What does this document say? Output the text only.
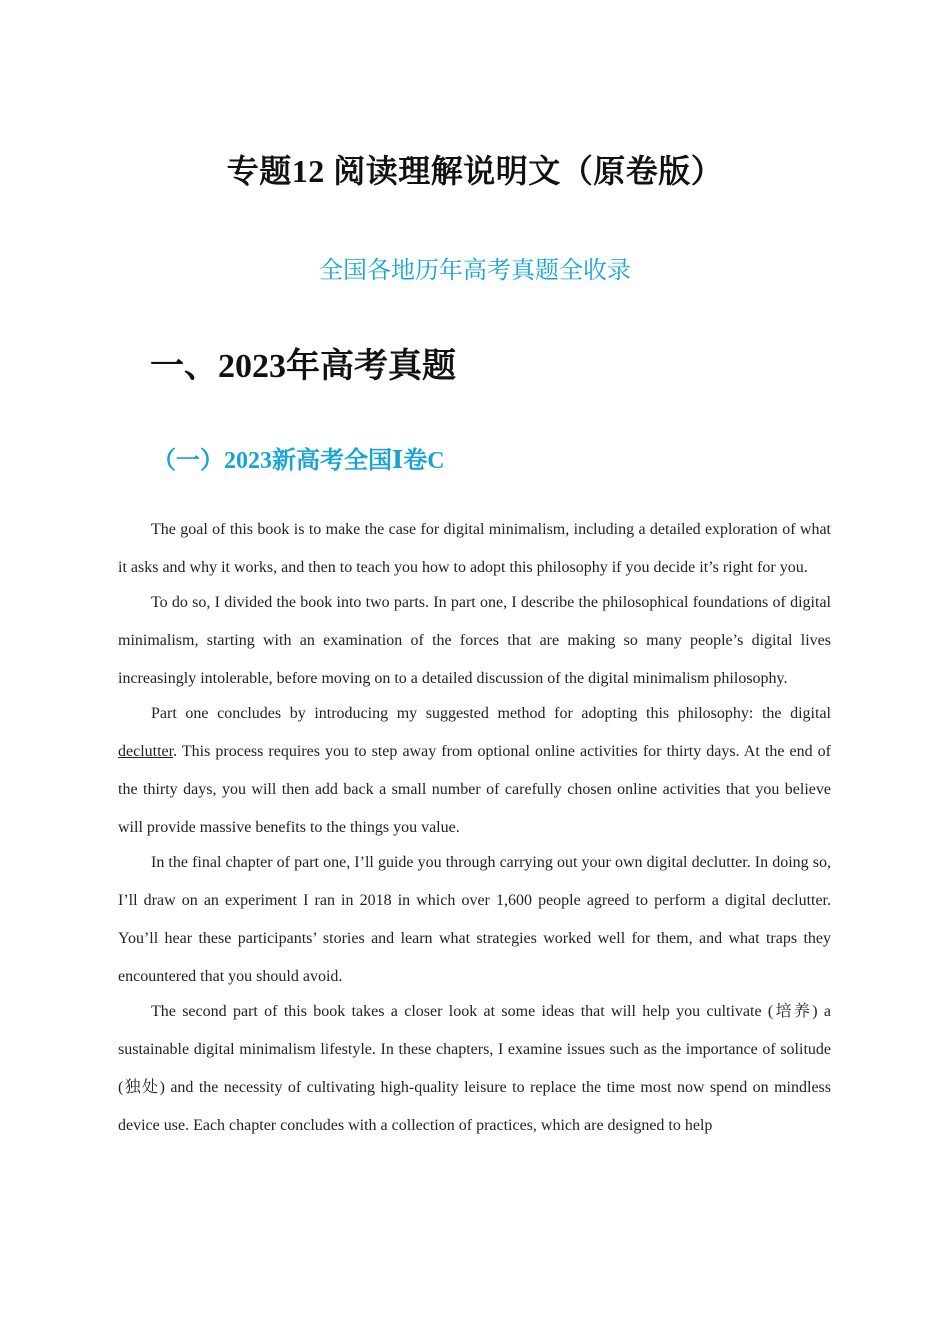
专题12 阅读理解说明文（原卷版）
全国各地历年高考真题全收录
一、2023年高考真题
（一）2023新高考全国Ⅰ卷C

The goal of this book is to make the case for digital minimalism, including a detailed exploration of what it asks and why it works, and then to teach you how to adopt this philosophy if you decide it’s right for you.

To do so, I divided the book into two parts. In part one, I describe the philosophical foundations of digital minimalism, starting with an examination of the forces that are making so many people’s digital lives increasingly intolerable, before moving on to a detailed discussion of the digital minimalism philosophy.

Part one concludes by introducing my suggested method for adopting this philosophy: the digital declutter. This process requires you to step away from optional online activities for thirty days. At the end of the thirty days, you will then add back a small number of carefully chosen online activities that you believe will provide massive benefits to the things you value.

In the final chapter of part one, I’ll guide you through carrying out your own digital declutter. In doing so, I’ll draw on an experiment I ran in 2018 in which over 1,600 people agreed to perform a digital declutter. You’ll hear these participants’ stories and learn what strategies worked well for them, and what traps they encountered that you should avoid.

The second part of this book takes a closer look at some ideas that will help you cultivate (培养) a sustainable digital minimalism lifestyle. In these chapters, I examine issues such as the importance of solitude (独处) and the necessity of cultivating high-quality leisure to replace the time most now spend on mindless device use. Each chapter concludes with a collection of practices, which are designed to help
